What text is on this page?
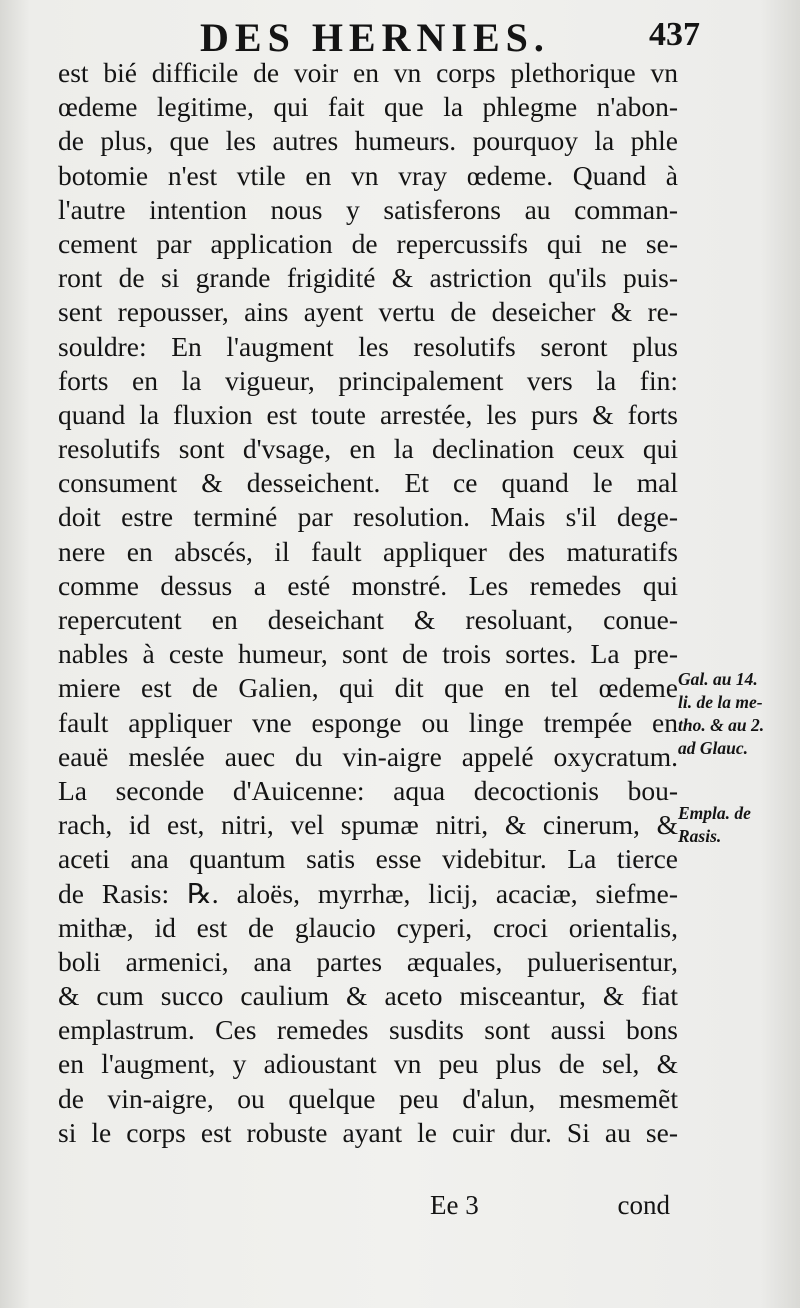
DES HERNIES.	437
est bié difficile de voir en vn corps plethorique vn
œdeme legitime, qui fait que la phlegme n'abon-
de plus, que les autres humeurs. pourquoy la phle
botomie n'est vtile en vn vray œdeme. Quand à
l'autre intention nous y satisferons au comman-
cement par application de repercussifs qui ne se-
ront de si grande frigidité & astriction qu'ils puis-
sent repousser, ains ayent vertu de deseicher & re-
souldre: En l'augment les resolutifs seront plus
forts en la vigueur, principalement vers la fin:
quand la fluxion est toute arrestée, les purs & forts
resolutifs sont d'vsage, en la declination ceux qui
consument & desseichent. Et ce quand le mal
doit estre terminé par resolution. Mais s'il dege-
nere en abscés, il fault appliquer des maturatifs
comme dessus a esté monstré. Les remedes qui
repercutent en deseichant & resoluant, conue-
nables à ceste humeur, sont de trois sortes. La pre-
miere est de Galien, qui dit que en tel œdeme
fault appliquer vne esponge ou linge trempée en
eauë meslée auec du vin-aigre appelé oxycratum.
La seconde d'Auicenne: aqua decoctionis bou-
rach, id est, nitri, vel spumæ nitri, & cinerum, &
aceti ana quantum satis esse videbitur. La tierce
de Rasis: ℞. aloës, myrrhæ, licij, acaciæ, siefme-
mithæ, id est de glaucio cyperi, croci orientalis,
boli armenici, ana partes æquales, puluerisentur,
& cum succo caulium & aceto misceantur, & fiat
emplastrum. Ces remedes susdits sont aussi bons
en l'augment, y adioustant vn peu plus de sel, &
de vin-aigre, ou quelque peu d'alun, mesmemẽt
si le corps est robuste ayant le cuir dur. Si au se-
Gal. au 14.
li. de la me-
tho. & au 2.
ad Glauc.
Empla. de
Rasis.
Ee 3	cond
